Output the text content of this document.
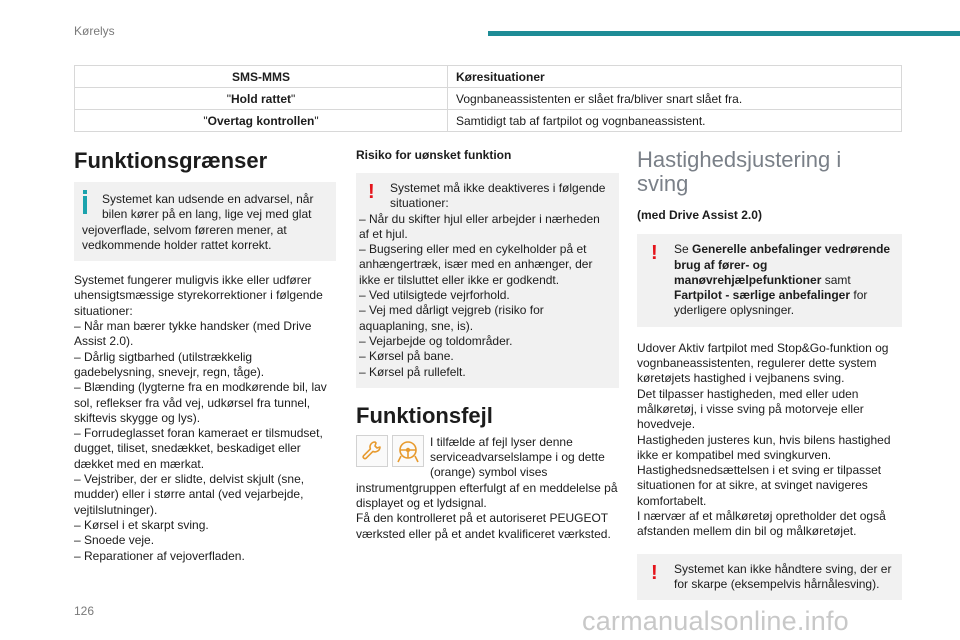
Kørelys
SMS-MMS	Køresituationer
"Hold rattet"	Vognbaneassistenten er slået fra/bliver snart slået fra.
"Overtag kontrollen"	Samtidigt tab af fartpilot og vognbaneassistent.
Funktionsgrænser

Systemet kan udsende en advarsel, når bilen kører på en lang, lige vej med glat
vejoverflade, selvom føreren mener, at vedkommende holder rattet korrekt.

Systemet fungerer muligvis ikke eller udfører uhensigtsmæssige styrekorrektioner i følgende situationer:
– Når man bærer tykke handsker (med Drive Assist 2.0).
– Dårlig sigtbarhed (utilstrækkelig gadebelysning, snevejr, regn, tåge).
– Blænding (lygterne fra en modkørende bil, lav sol, reflekser fra våd vej, udkørsel fra tunnel, skiftevis skygge og lys).
– Forrudeglasset foran kameraet er tilsmudset, dugget, tiliset, snedækket, beskadiget eller dækket med en mærkat.
– Vejstriber, der er slidte, delvist skjult (sne, mudder) eller i større antal (ved vejarbejde, vejtilslutninger).
– Kørsel i et skarpt sving.
– Snoede veje.
– Reparationer af vejoverfladen.

Risiko for uønsket funktion
!	Systemet må ikke deaktiveres i følgende situationer:
– Når du skifter hjul eller arbejder i nærheden af et hjul.
– Bugsering eller med en cykelholder på et anhængertræk, især med en anhænger, der ikke er tilsluttet eller ikke er godkendt.
– Ved utilsigtede vejrforhold.
– Vej med dårligt vejgreb (risiko for aquaplaning, sne, is).
– Vejarbejde og toldområder.
– Kørsel på bane.
– Kørsel på rullefelt.

Funktionsfejl

I tilfælde af fejl lyser denne serviceadvarselslampe i og dette (orange) symbol vises instrumentgruppen efterfulgt af en meddelelse på displayet og et lydsignal.
Få den kontrolleret på et autoriseret PEUGEOT værksted eller på et andet kvalificeret værksted.

Hastighedsjustering i sving
(med Drive Assist 2.0)
!	Se Generelle anbefalinger vedrørende brug af fører- og manøvrehjælpefunktioner samt Fartpilot - særlige anbefalinger for yderligere oplysninger.

Udover Aktiv fartpilot med Stop&Go-funktion og vognbaneassistenten, regulerer dette system køretøjets hastighed i vejbanens sving.
Det tilpasser hastigheden, med eller uden målkøretøj, i visse sving på motorveje eller hovedveje.
Hastigheden justeres kun, hvis bilens hastighed ikke er kompatibel med svingkurven.
Hastighedsnedsættelsen i et sving er tilpasset situationen for at sikre, at svinget navigeres komfortabelt.
I nærvær af et målkøretøj opretholder det også afstanden mellem din bil og målkøretøjet.

!	Systemet kan ikke håndtere sving, der er for skarpe (eksempelvis hårnålesving).

126	carmanualsonline.info
